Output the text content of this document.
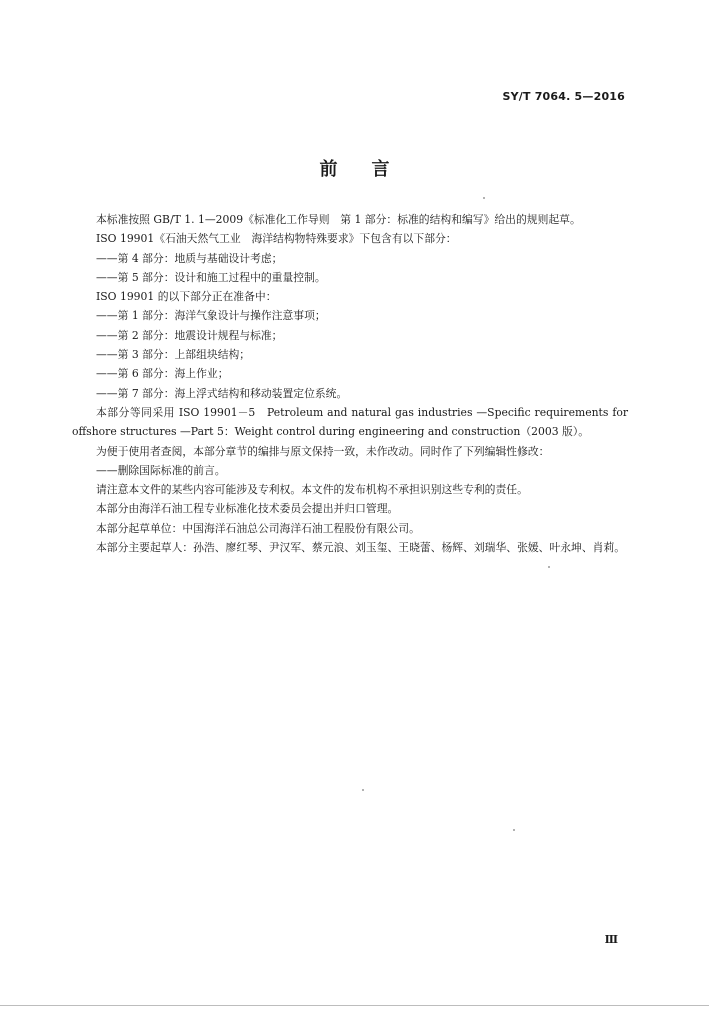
SY/T 7064. 5—2016
前 言

本标准按照 GB/T 1. 1—2009《标准化工作导则　第 1 部分：标准的结构和编写》给出的规则起草。

ISO 19901《石油天然气工业　海洋结构物特殊要求》下包含有以下部分：

——第 4 部分：地质与基础设计考虑；

——第 5 部分：设计和施工过程中的重量控制。

ISO 19901 的以下部分正在准备中：

——第 1 部分：海洋气象设计与操作注意事项；

——第 2 部分：地震设计规程与标准；

——第 3 部分：上部组块结构；

——第 6 部分：海上作业；

——第 7 部分：海上浮式结构和移动装置定位系统。

本部分等同采用 ISO 19901－5　Petroleum and natural gas industries —Specific requirements for offshore structures —Part 5：Weight control during engineering and construction（2003 版）。

为便于使用者查阅，本部分章节的编排与原文保持一致，未作改动。同时作了下列编辑性修改：

——删除国际标准的前言。

请注意本文件的某些内容可能涉及专利权。本文件的发布机构不承担识别这些专利的责任。

本部分由海洋石油工程专业标准化技术委员会提出并归口管理。

本部分起草单位：中国海洋石油总公司海洋石油工程股份有限公司。

本部分主要起草人：孙浩、廖红琴、尹汉军、蔡元浪、刘玉玺、王晓蕾、杨辉、刘瑞华、张媛、叶永坤、肖莉。

Ⅲ
